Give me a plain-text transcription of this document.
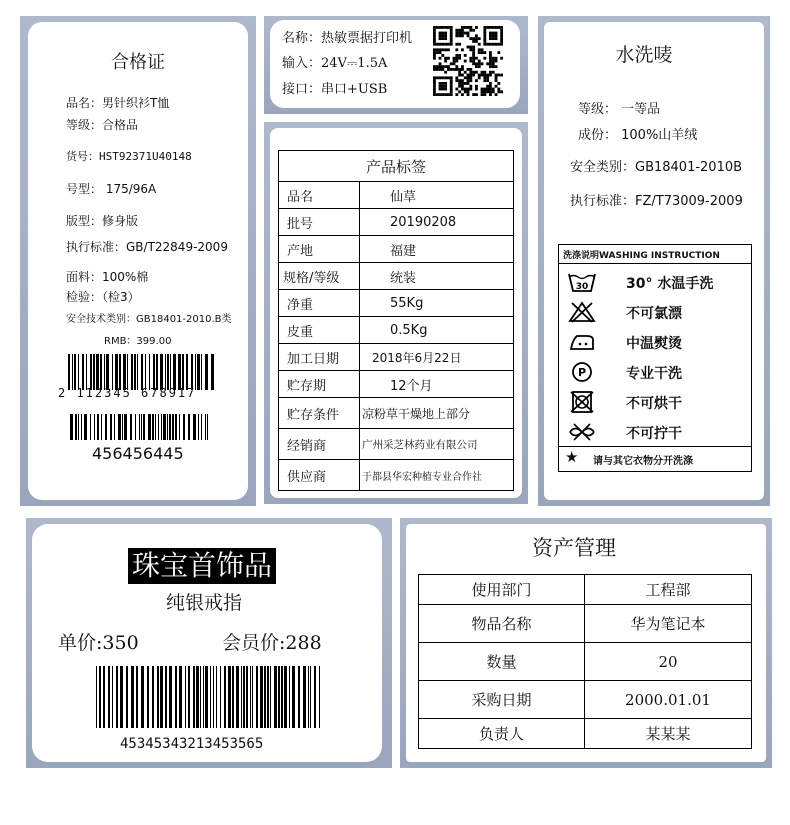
合格证
品名：男针织衫T恤
等级：合格品
货号：HST92371U40148
号型： 175/96A
版型：修身版
执行标准：GB/T22849-2009
面料：100%棉
检验：（检3）
安全技术类别：GB18401-2010.B类
RMB：399.00
2 112345 678917
456456445
名称：热敏票据打印机
输入：24V⎓1.5A
接口：串口+USB
产品标签	
品名	仙草
批号	20190208
产地	福建
规格/等级	统装
净重	55Kg
皮重	0.5Kg
加工日期	2018年6月22日
贮存期	12个月
贮存条件	凉粉草干燥地上部分
经销商	广州采芝林药业有限公司
供应商	于都县华宏种植专业合作社
水洗唛
等级： 一等品
成份： 100%山羊绒
安全类别：GB18401-2010B
执行标准：FZ/T73009-2009
洗涤说明WASHING INSTRUCTION
30	30° 水温手洗
不可氯漂
中温熨烫
P	专业干洗
不可烘干
不可拧干
★ 请与其它衣物分开洗涤
珠宝首饰品
纯银戒指
单价:350	会员价:288
45345343213453565
资产管理
使用部门	工程部
物品名称	华为笔记本
数量	20
采购日期	2000.01.01
负责人	某某某
